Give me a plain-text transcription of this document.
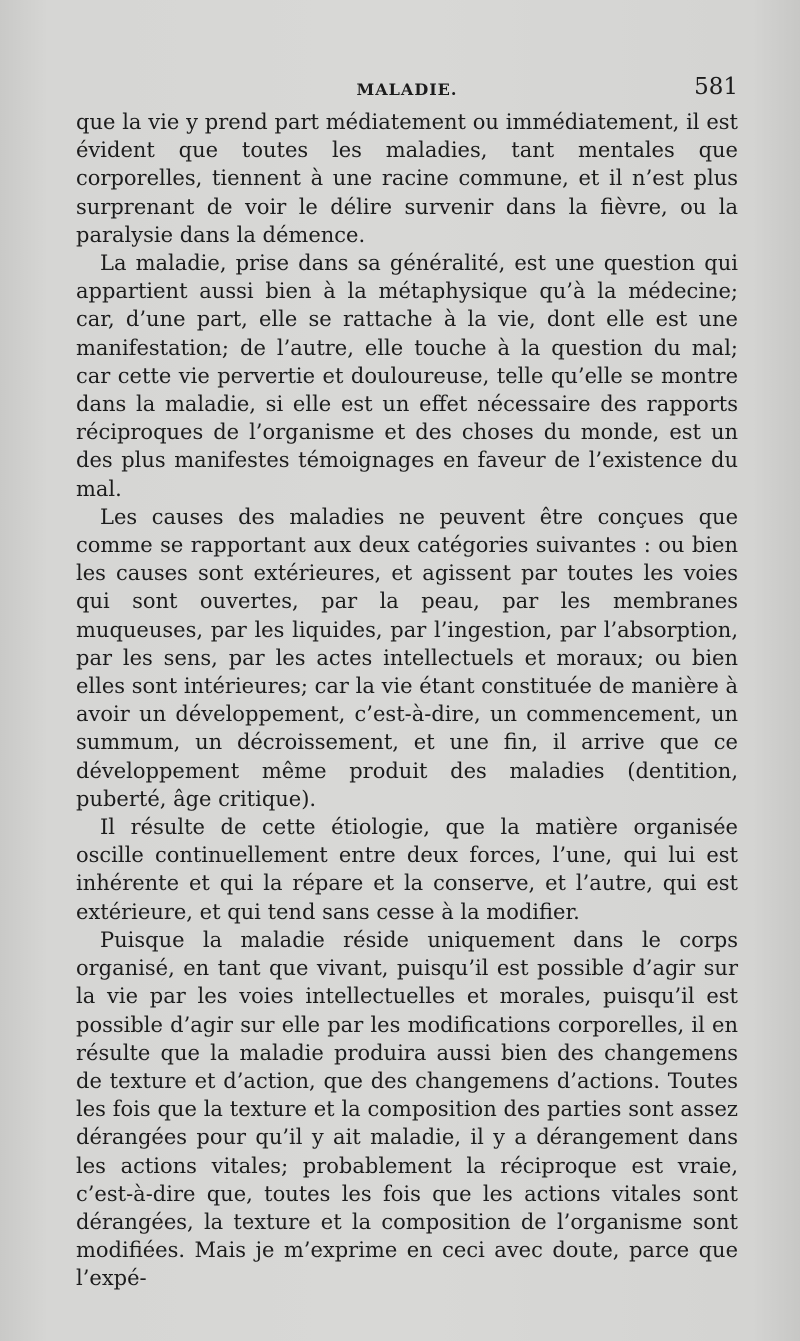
MALADIE.	581

que la vie y prend part médiatement ou immédiatement, il est évident que toutes les maladies, tant mentales que corporelles, tiennent à une racine commune, et il n’est plus surprenant de voir le délire survenir dans la fièvre, ou la paralysie dans la démence.

La maladie, prise dans sa généralité, est une question qui appartient aussi bien à la métaphysique qu’à la médecine; car, d’une part, elle se rattache à la vie, dont elle est une manifestation; de l’autre, elle touche à la question du mal; car cette vie pervertie et douloureuse, telle qu’elle se montre dans la maladie, si elle est un effet nécessaire des rapports réciproques de l’organisme et des choses du monde, est un des plus manifestes témoignages en faveur de l’existence du mal.

Les causes des maladies ne peuvent être conçues que comme se rapportant aux deux catégories suivantes : ou bien les causes sont extérieures, et agissent par toutes les voies qui sont ouvertes, par la peau, par les membranes muqueuses, par les liquides, par l’ingestion, par l’absorption, par les sens, par les actes intellectuels et moraux; ou bien elles sont intérieures; car la vie étant constituée de manière à avoir un développement, c’est-à-dire, un commencement, un summum, un décroissement, et une fin, il arrive que ce développement même produit des maladies (dentition, puberté, âge critique).

Il résulte de cette étiologie, que la matière organisée oscille continuellement entre deux forces, l’une, qui lui est inhérente et qui la répare et la conserve, et l’autre, qui est extérieure, et qui tend sans cesse à la modifier.

Puisque la maladie réside uniquement dans le corps organisé, en tant que vivant, puisqu’il est possible d’agir sur la vie par les voies intellectuelles et morales, puisqu’il est possible d’agir sur elle par les modifications corporelles, il en résulte que la maladie produira aussi bien des changemens de texture et d’action, que des changemens d’actions. Toutes les fois que la texture et la composition des parties sont assez dérangées pour qu’il y ait maladie, il y a dérangement dans les actions vitales; probablement la réciproque est vraie, c’est-à-dire que, toutes les fois que les actions vitales sont dérangées, la texture et la composition de l’organisme sont modifiées. Mais je m’exprime en ceci avec doute, parce que l’expé-
